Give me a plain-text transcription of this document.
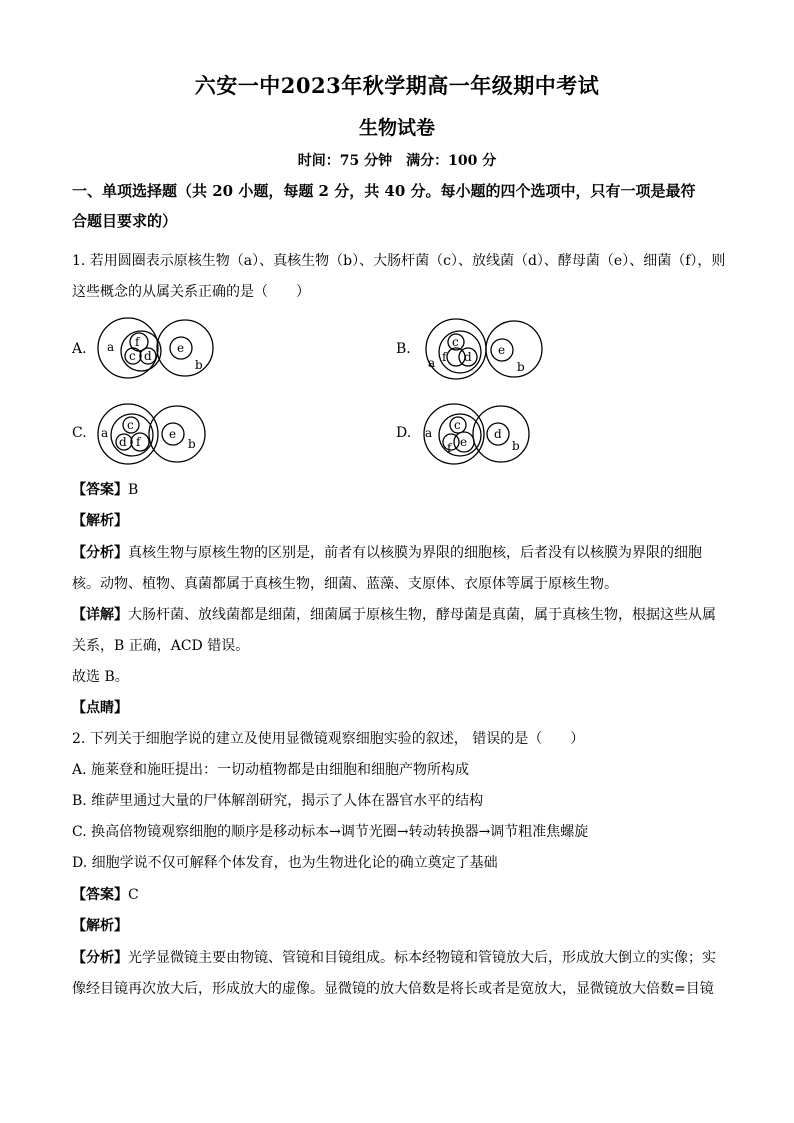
六安一中2023年秋学期高一年级期中考试
生物试卷
时间：75 分钟　满分：100 分
一、单项选择题（共 20 小题，每题 2 分，共 40 分。每小题的四个选项中，只有一项是最符
合题目要求的）
1. 若用圆圈表示原核生物（a）、真核生物（b）、大肠杆菌（c）、放线菌（d）、酵母菌（e）、细菌（f），则
这些概念的从属关系正确的是（　　）
A. a f
c d
e
b
B.
a
c
f d e
b
C. a
c
d f
e
b
D. a
c
f e
d
b
【答案】B
【解析】
【分析】真核生物与原核生物的区别是，前者有以核膜为界限的细胞核，后者没有以核膜为界限的细胞
核。动物、植物、真菌都属于真核生物，细菌、蓝藻、支原体、衣原体等属于原核生物。
【详解】大肠杆菌、放线菌都是细菌，细菌属于原核生物，酵母菌是真菌，属于真核生物，根据这些从属
关系，B 正确，ACD 错误。
故选 B。
【点睛】
2. 下列关于细胞学说的建立及使用显微镜观察细胞实验的叙述， 错误的是（　　）
A. 施莱登和施旺提出：一切动植物都是由细胞和细胞产物所构成
B. 维萨里通过大量的尸体解剖研究，揭示了人体在器官水平的结构
C. 换高倍物镜观察细胞的顺序是移动标本→调节光圈→转动转换器→调节粗准焦螺旋
D. 细胞学说不仅可解释个体发育，也为生物进化论的确立奠定了基础
【答案】C
【解析】
【分析】光学显微镜主要由物镜、管镜和目镜组成。标本经物镜和管镜放大后，形成放大倒立的实像；实
像经目镜再次放大后，形成放大的虚像。显微镜的放大倍数是将长或者是宽放大，显微镜放大倍数=目镜
